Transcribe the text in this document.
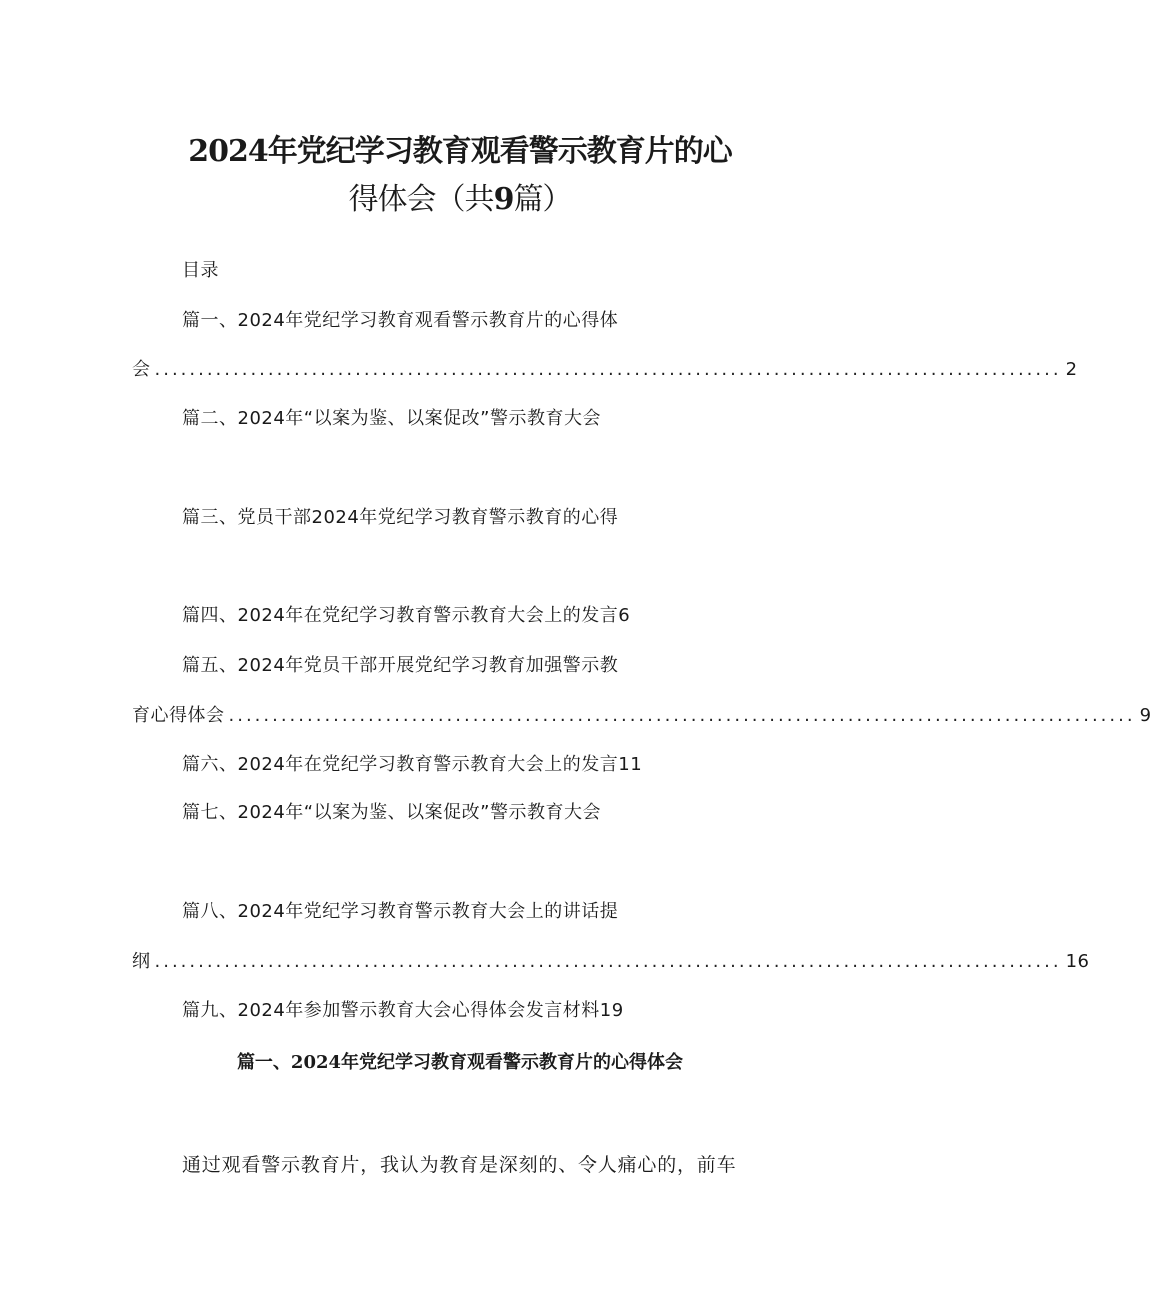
2024年党纪学习教育观看警示教育片的心
得体会（共9篇）
目录
篇一、2024年党纪学习教育观看警示教育片的心得体
会 ........................................................................................................ 2
篇二、2024年“以案为鉴、以案促改”警示教育大会
篇三、党员干部2024年党纪学习教育警示教育的心得
篇四、2024年在党纪学习教育警示教育大会上的发言6
篇五、2024年党员干部开展党纪学习教育加强警示教
育心得体会 ........................................................................................................ 9
篇六、2024年在党纪学习教育警示教育大会上的发言11
篇七、2024年“以案为鉴、以案促改”警示教育大会
篇八、2024年党纪学习教育警示教育大会上的讲话提
纲 ........................................................................................................ 16
篇九、2024年参加警示教育大会心得体会发言材料19
篇一、2024年党纪学习教育观看警示教育片的心得体会
通过观看警示教育片，我认为教育是深刻的、令人痛心的，前车
